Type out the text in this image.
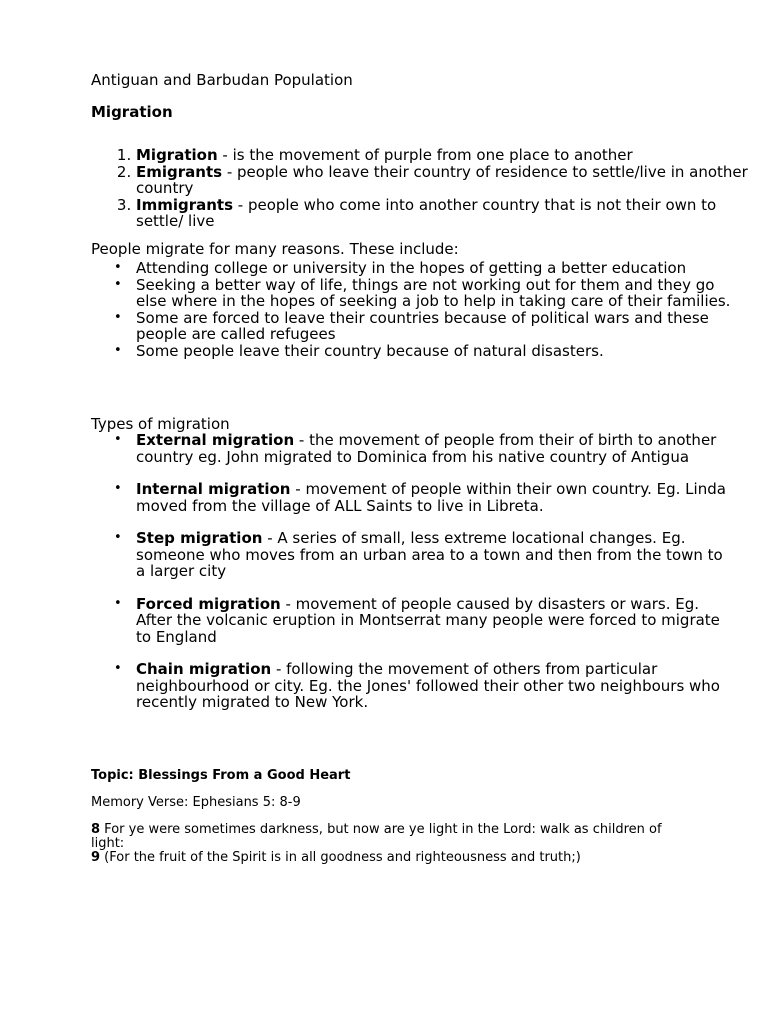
Antiguan and Barbudan Population
Migration
1. Migration - is the movement of purple from one place to another
2. Emigrants - people who leave their country of residence to settle/live in another country
3. Immigrants - people who come into another country that is not their own to settle/ live
People migrate for many reasons. These include:
• Attending college or university in the hopes of getting a better education
• Seeking a better way of life, things are not working out for them and they go else where in the hopes of seeking a job to help in taking care of their families.
• Some are forced to leave their countries because of political wars and these people are called refugees
• Some people leave their country because of natural disasters.
Types of migration
• External migration - the movement of people from their of birth to another country eg. John migrated to Dominica from his native country of Antigua
• Internal migration - movement of people within their own country. Eg. Linda moved from the village of ALL Saints to live in Libreta.
• Step migration - A series of small, less extreme locational changes. Eg. someone who moves from an urban area to a town and then from the town to a larger city
• Forced migration - movement of people caused by disasters or wars. Eg. After the volcanic eruption in Montserrat many people were forced to migrate to England
• Chain migration - following the movement of others from particular neighbourhood or city. Eg. the Jones' followed their other two neighbours who recently migrated to New York.
Topic: Blessings From a Good Heart
Memory Verse: Ephesians 5: 8-9
8 For ye were sometimes darkness, but now are ye light in the Lord: walk as children of light:
9 (For the fruit of the Spirit is in all goodness and righteousness and truth;)
